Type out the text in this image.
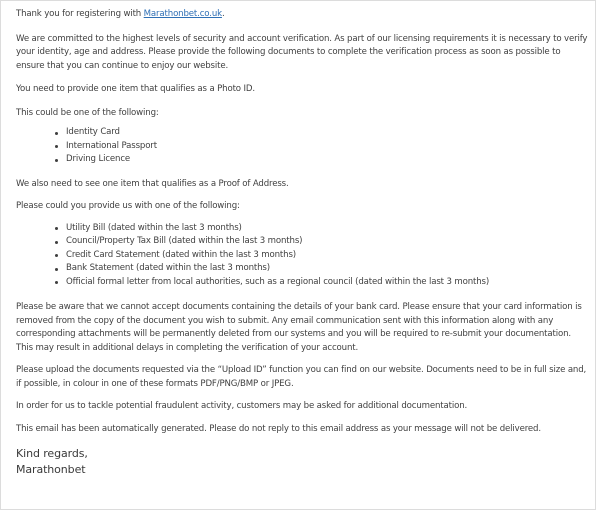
Thank you for registering with Marathonbet.co.uk.

We are committed to the highest levels of security and account verification. As part of our licensing requirements it is necessary to verify your identity, age and address. Please provide the following documents to complete the verification process as soon as possible to ensure that you can continue to enjoy our website.

You need to provide one item that qualifies as a Photo ID.

This could be one of the following:

Identity Card
International Passport
Driving Licence

We also need to see one item that qualifies as a Proof of Address.

Please could you provide us with one of the following:

Utility Bill (dated within the last 3 months)
Council/Property Tax Bill (dated within the last 3 months)
Credit Card Statement (dated within the last 3 months)
Bank Statement (dated within the last 3 months)
Official formal letter from local authorities, such as a regional council (dated within the last 3 months)

Please be aware that we cannot accept documents containing the details of your bank card. Please ensure that your card information is removed from the copy of the document you wish to submit. Any email communication sent with this information along with any corresponding attachments will be permanently deleted from our systems and you will be required to re-submit your documentation. This may result in additional delays in completing the verification of your account.

Please upload the documents requested via the “Upload ID” function you can find on our website. Documents need to be in full size and, if possible, in colour in one of these formats PDF/PNG/BMP or JPEG.

In order for us to tackle potential fraudulent activity, customers may be asked for additional documentation.

This email has been automatically generated. Please do not reply to this email address as your message will not be delivered.

Kind regards,
Marathonbet
